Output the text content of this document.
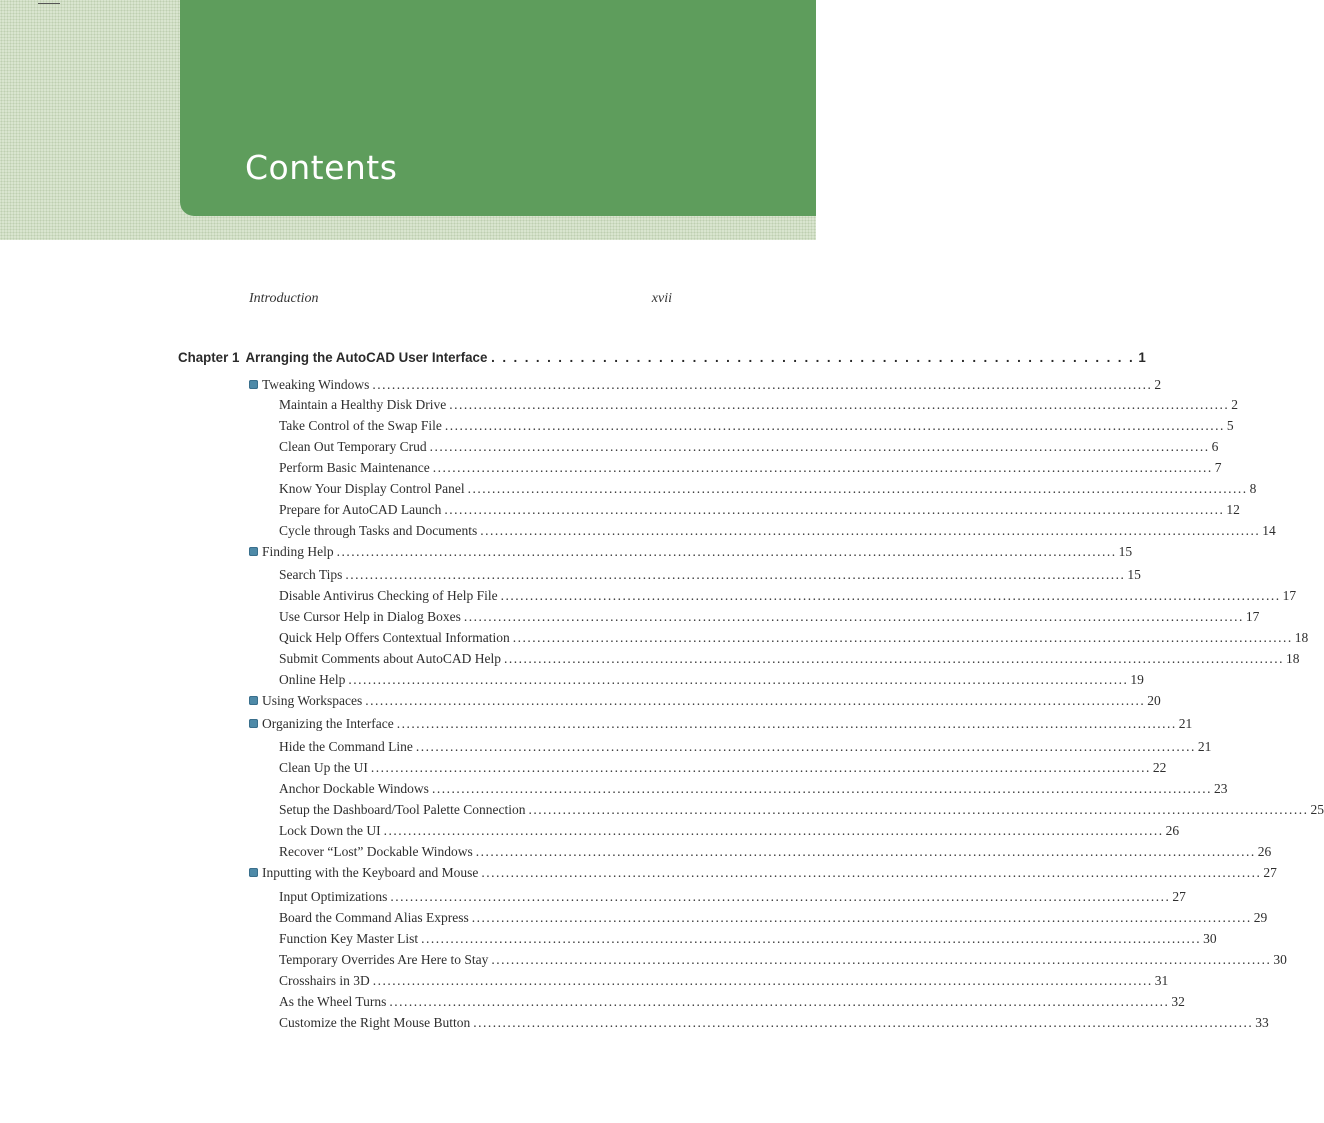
Contents
Introduction	xvii
Chapter 1 Arranging the AutoCAD User Interface . . . . . . . . . . . . . . . . . . . . . . . . . . . . . . . . . . . . . . . . . . . . . . . . . . . . . . . . . . 1
Tweaking Windows ................................................................................................................................................................ 2
Maintain a Healthy Disk Drive ................................................................................................................................................................ 2
Take Control of the Swap File ................................................................................................................................................................ 5
Clean Out Temporary Crud ................................................................................................................................................................ 6
Perform Basic Maintenance ................................................................................................................................................................ 7
Know Your Display Control Panel ................................................................................................................................................................ 8
Prepare for AutoCAD Launch ................................................................................................................................................................ 12
Cycle through Tasks and Documents ................................................................................................................................................................ 14
Finding Help ................................................................................................................................................................ 15
Search Tips ................................................................................................................................................................ 15
Disable Antivirus Checking of Help File ................................................................................................................................................................ 17
Use Cursor Help in Dialog Boxes ................................................................................................................................................................ 17
Quick Help Offers Contextual Information ................................................................................................................................................................ 18
Submit Comments about AutoCAD Help ................................................................................................................................................................ 18
Online Help ................................................................................................................................................................ 19
Using Workspaces ................................................................................................................................................................ 20
Organizing the Interface ................................................................................................................................................................ 21
Hide the Command Line ................................................................................................................................................................ 21
Clean Up the UI ................................................................................................................................................................ 22
Anchor Dockable Windows ................................................................................................................................................................ 23
Setup the Dashboard/Tool Palette Connection ................................................................................................................................................................ 25
Lock Down the UI ................................................................................................................................................................ 26
Recover “Lost” Dockable Windows ................................................................................................................................................................ 26
Inputting with the Keyboard and Mouse ................................................................................................................................................................ 27
Input Optimizations ................................................................................................................................................................ 27
Board the Command Alias Express ................................................................................................................................................................ 29
Function Key Master List ................................................................................................................................................................ 30
Temporary Overrides Are Here to Stay ................................................................................................................................................................ 30
Crosshairs in 3D ................................................................................................................................................................ 31
As the Wheel Turns ................................................................................................................................................................ 32
Customize the Right Mouse Button ................................................................................................................................................................ 33
